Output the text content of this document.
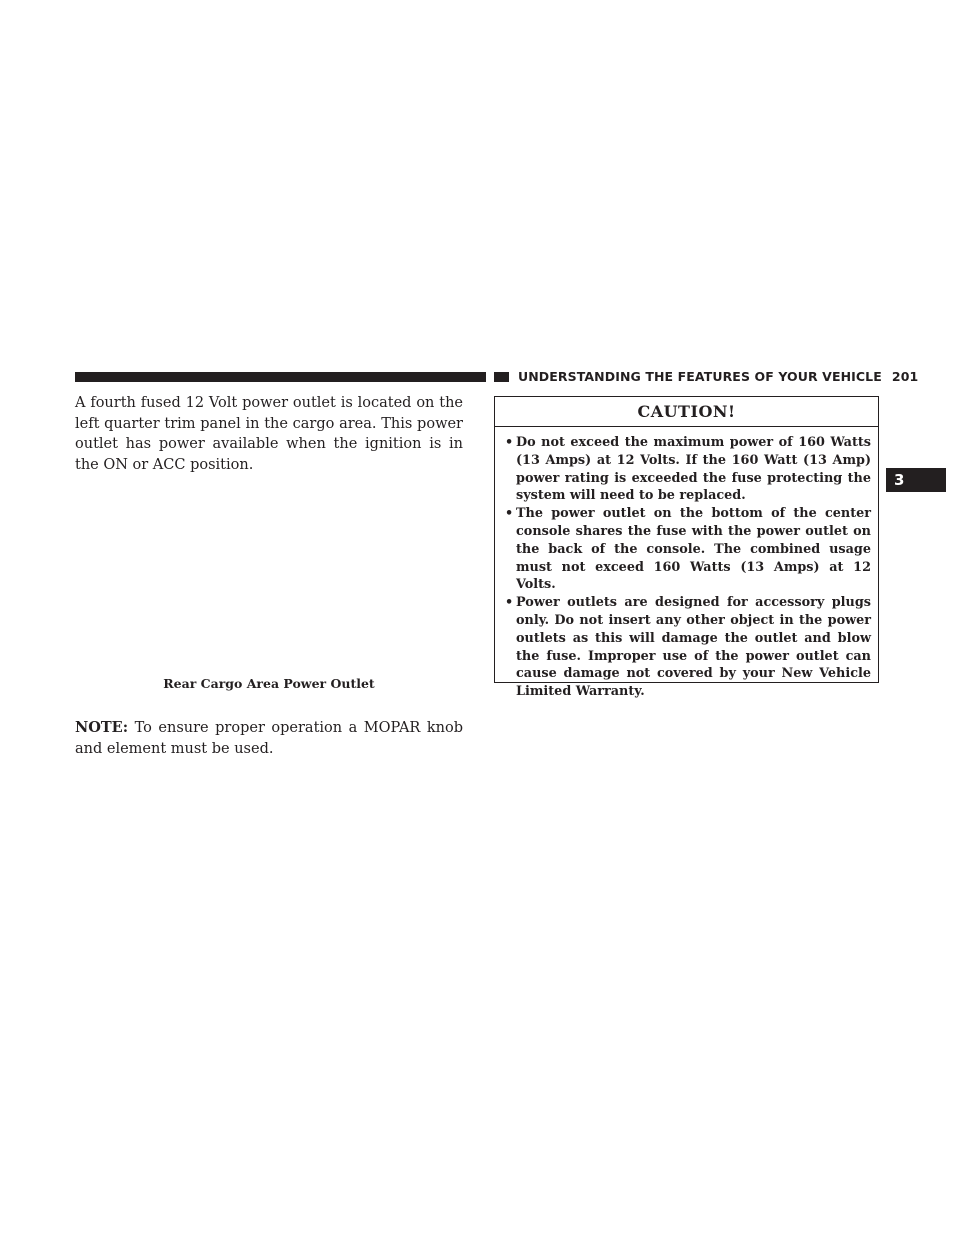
UNDERSTANDING THE FEATURES OF YOUR VEHICLE 201
3

A fourth fused 12 Volt power outlet is located on the left quarter trim panel in the cargo area. This power outlet has power available when the ignition is in the ON or ACC position.

Rear Cargo Area Power Outlet

NOTE: To ensure proper operation a MOPAR knob and element must be used.

CAUTION!
• Do not exceed the maximum power of 160 Watts (13 Amps) at 12 Volts. If the 160 Watt (13 Amp) power rating is exceeded the fuse protecting the system will need to be replaced.
• The power outlet on the bottom of the center console shares the fuse with the power outlet on the back of the console. The combined usage must not exceed 160 Watts (13 Amps) at 12 Volts.
• Power outlets are designed for accessory plugs only. Do not insert any other object in the power outlets as this will damage the outlet and blow the fuse. Improper use of the power outlet can cause damage not covered by your New Vehicle Limited Warranty.
